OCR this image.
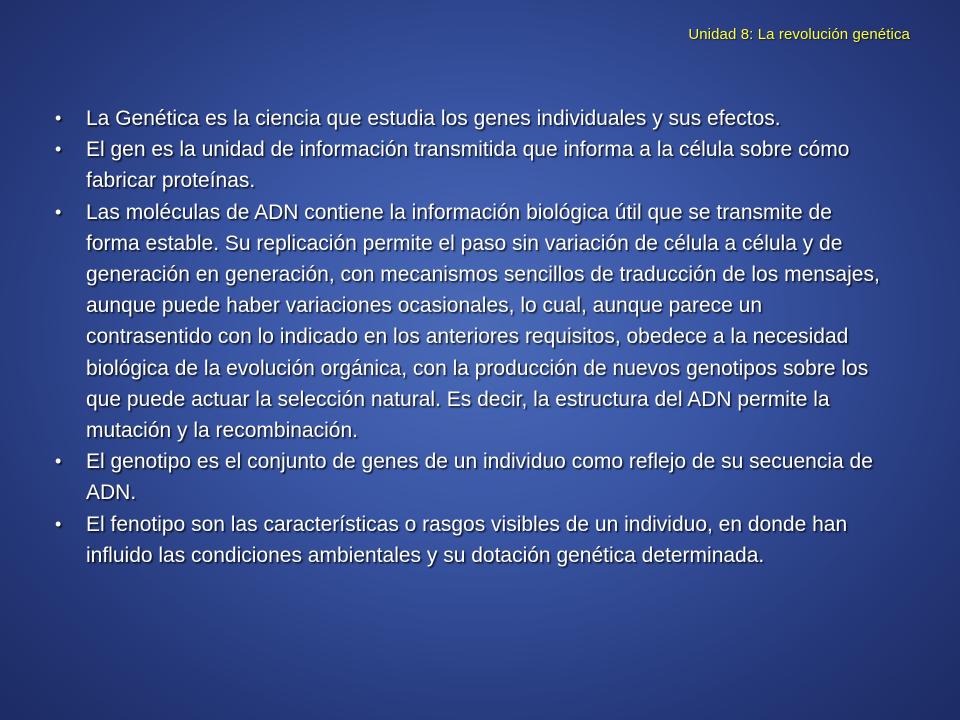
Unidad 8: La revolución genética
• La Genética es la ciencia que estudia los genes individuales y sus efectos.
• El gen es la unidad de información transmitida que informa a la célula sobre cómo fabricar proteínas.
• Las moléculas de ADN contiene la información biológica útil que se transmite de forma estable. Su replicación permite el paso sin variación de célula a célula y de generación en generación, con mecanismos sencillos de traducción de los mensajes, aunque puede haber variaciones ocasionales, lo cual, aunque parece un contrasentido con lo indicado en los anteriores requisitos, obedece a la necesidad biológica de la evolución orgánica, con la producción de nuevos genotipos sobre los que puede actuar la selección natural. Es decir, la estructura del ADN permite la mutación y la recombinación.
• El genotipo es el conjunto de genes de un individuo como reflejo de su secuencia de ADN.
• El fenotipo son las características o rasgos visibles de un individuo, en donde han influido las condiciones ambientales y su dotación genética determinada.
